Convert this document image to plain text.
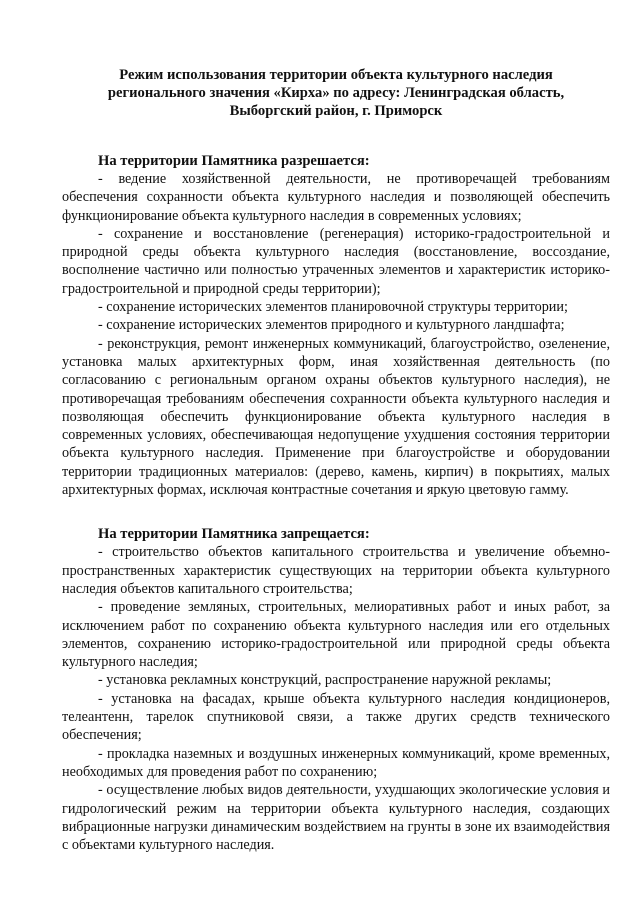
Режим использования территории объекта культурного наследия
регионального значения «Кирха» по адресу: Ленинградская область,
Выборгский район, г. Приморск
На территории Памятника разрешается:

- ведение хозяйственной деятельности, не противоречащей требованиям обеспечения сохранности объекта культурного наследия и позволяющей обеспечить функционирование объекта культурного наследия в современных условиях;

- сохранение и восстановление (регенерация) историко-градостроительной и природной среды объекта культурного наследия (восстановление, воссоздание, восполнение частично или полностью утраченных элементов и характеристик историко-градостроительной и природной среды территории);

- сохранение исторических элементов планировочной структуры территории;

- сохранение исторических элементов природного и культурного ландшафта;

- реконструкция, ремонт инженерных коммуникаций, благоустройство, озеленение, установка малых архитектурных форм, иная хозяйственная деятельность (по согласованию с региональным органом охраны объектов культурного наследия), не противоречащая требованиям обеспечения сохранности объекта культурного наследия и позволяющая обеспечить функционирование объекта культурного наследия в современных условиях, обеспечивающая недопущение ухудшения состояния территории объекта культурного наследия. Применение при благоустройстве и оборудовании территории традиционных материалов: (дерево, камень, кирпич) в покрытиях, малых архитектурных формах, исключая контрастные сочетания и яркую цветовую гамму.

На территории Памятника запрещается:

- строительство объектов капитального строительства и увеличение объемно-пространственных характеристик существующих на территории объекта культурного наследия объектов капитального строительства;

- проведение земляных, строительных, мелиоративных работ и иных работ, за исключением работ по сохранению объекта культурного наследия или его отдельных элементов, сохранению историко-градостроительной или природной среды объекта культурного наследия;

- установка рекламных конструкций, распространение наружной рекламы;

- установка на фасадах, крыше объекта культурного наследия кондиционеров, телеантенн, тарелок спутниковой связи, а также других средств технического обеспечения;

- прокладка наземных и воздушных инженерных коммуникаций, кроме временных, необходимых для проведения работ по сохранению;

- осуществление любых видов деятельности, ухудшающих экологические условия и гидрологический режим на территории объекта культурного наследия, создающих вибрационные нагрузки динамическим воздействием на грунты в зоне их взаимодействия с объектами культурного наследия.
